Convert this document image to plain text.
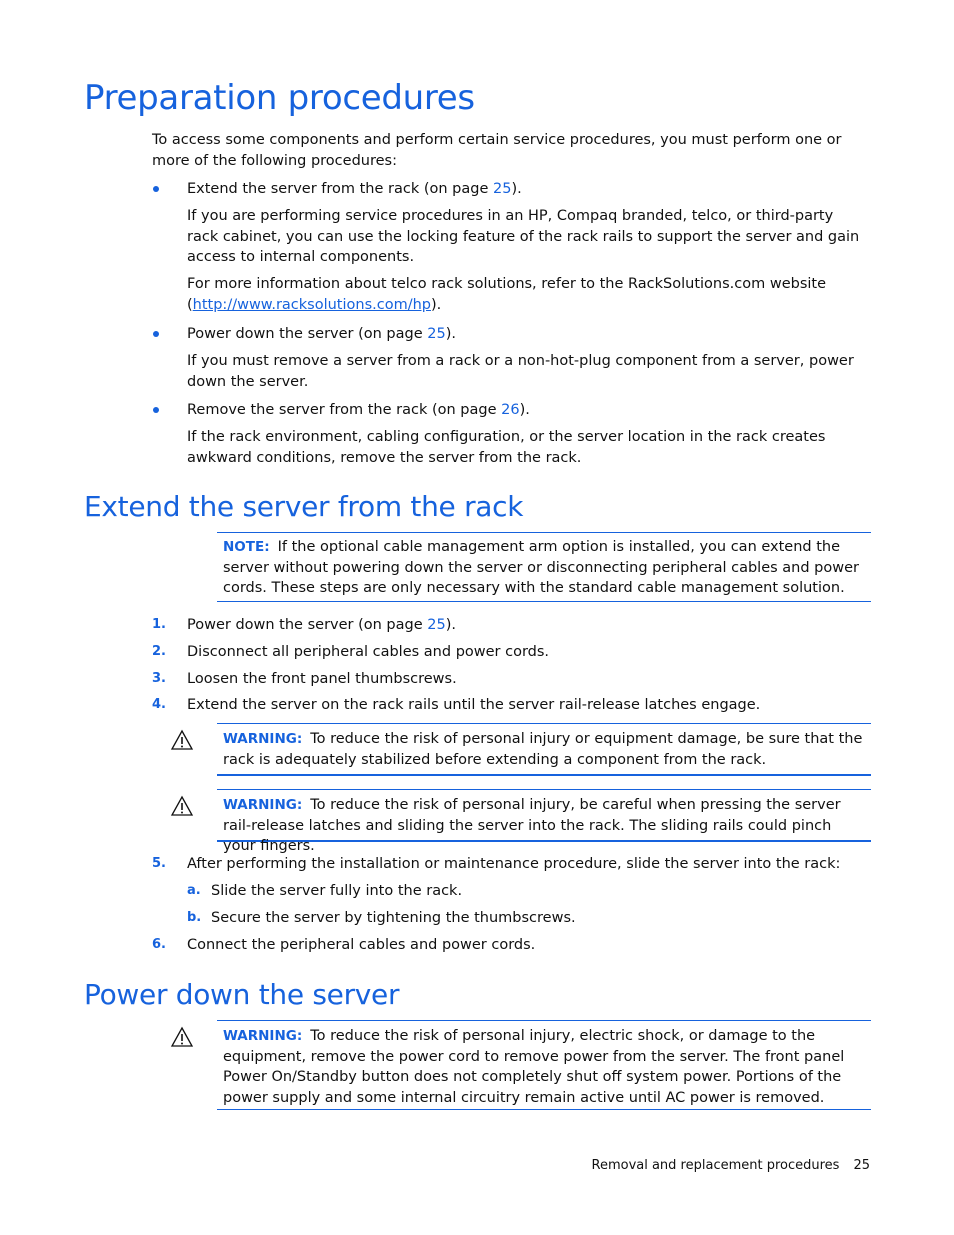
Preparation procedures
To access some components and perform certain service procedures, you must perform one or more of the following procedures:
Extend the server from the rack (on page 25).
If you are performing service procedures in an HP, Compaq branded, telco, or third-party rack cabinet, you can use the locking feature of the rack rails to support the server and gain access to internal components.
For more information about telco rack solutions, refer to the RackSolutions.com website (http://www.racksolutions.com/hp).
Power down the server (on page 25).
If you must remove a server from a rack or a non-hot-plug component from a server, power down the server.
Remove the server from the rack (on page 26).
If the rack environment, cabling configuration, or the server location in the rack creates awkward conditions, remove the server from the rack.
Extend the server from the rack
NOTE: If the optional cable management arm option is installed, you can extend the server without powering down the server or disconnecting peripheral cables and power cords. These steps are only necessary with the standard cable management solution.
1. Power down the server (on page 25).
2. Disconnect all peripheral cables and power cords.
3. Loosen the front panel thumbscrews.
4. Extend the server on the rack rails until the server rail-release latches engage.
WARNING: To reduce the risk of personal injury or equipment damage, be sure that the rack is adequately stabilized before extending a component from the rack.
WARNING: To reduce the risk of personal injury, be careful when pressing the server rail-release latches and sliding the server into the rack. The sliding rails could pinch your fingers.
5. After performing the installation or maintenance procedure, slide the server into the rack:
a. Slide the server fully into the rack.
b. Secure the server by tightening the thumbscrews.
6. Connect the peripheral cables and power cords.
Power down the server
WARNING: To reduce the risk of personal injury, electric shock, or damage to the equipment, remove the power cord to remove power from the server. The front panel Power On/Standby button does not completely shut off system power. Portions of the power supply and some internal circuitry remain active until AC power is removed.
Removal and replacement procedures 25
